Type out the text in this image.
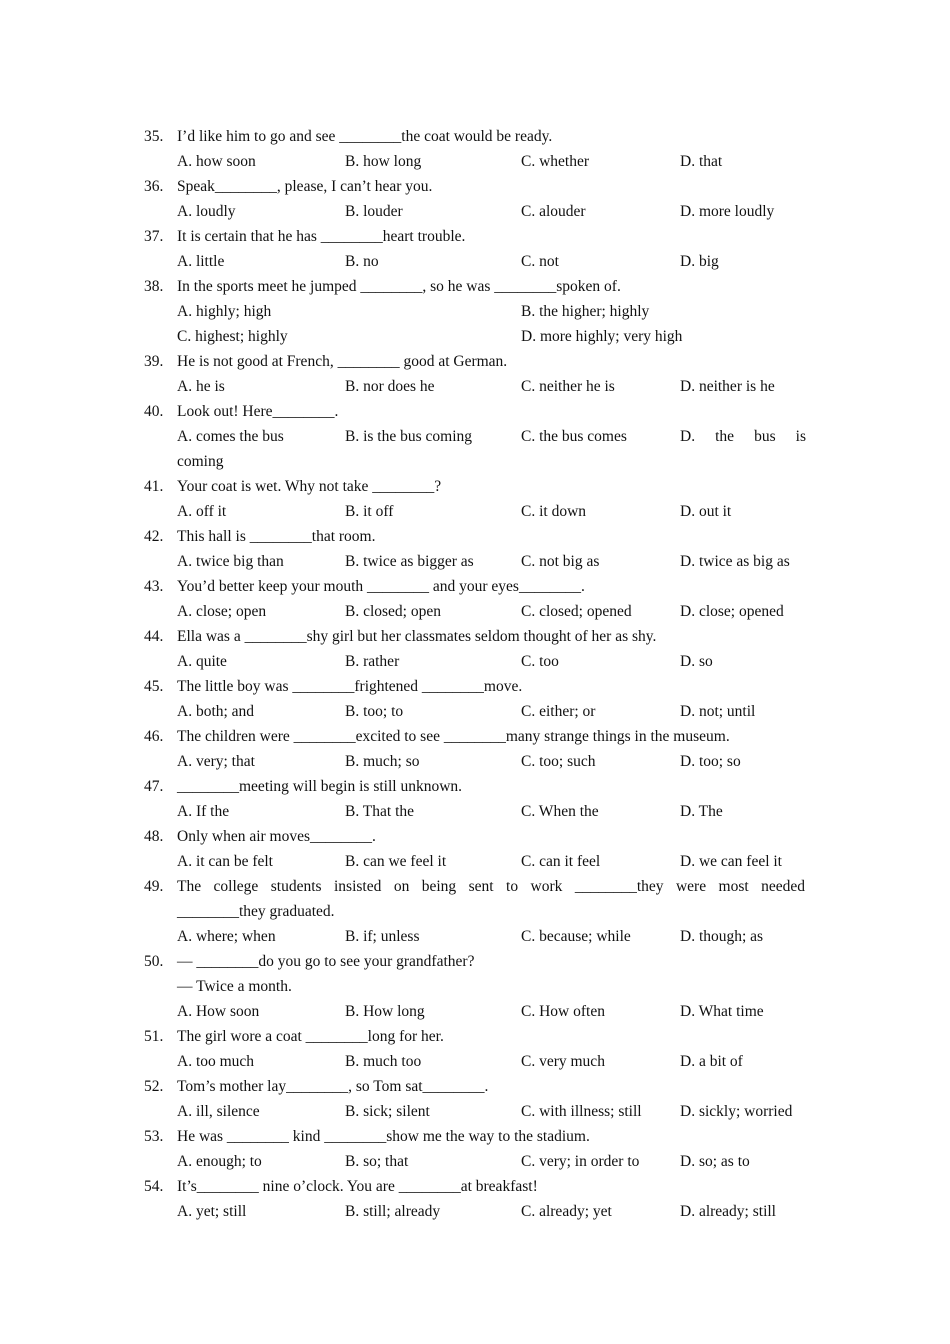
35. I’d like him to go and see ________the coat would be ready.
A. how soon	B. how long	C. whether	D. that
36. Speak________, please, I can’t hear you.
A. loudly	B. louder	C. alouder	D. more loudly
37. It is certain that he has ________heart trouble.
A. little	B. no	C. not	D. big
38. In the sports meet he jumped ________, so he was ________spoken of.
A. highly; high	B. the higher; highly
C. highest; highly	D. more highly; very high
39. He is not good at French, ________ good at German.
A. he is	B. nor does he	C. neither he is	D. neither is he
40. Look out! Here________.
A. comes the bus	B. is the bus coming	C. the bus comes	D. the bus is
coming
41. Your coat is wet. Why not take ________?
A. off it	B. it off	C. it down	D. out it
42. This hall is ________that room.
A. twice big than	B. twice as bigger as	C. not big as	D. twice as big as
43. You’d better keep your mouth ________ and your eyes________.
A. close; open	B. closed; open	C. closed; opened	D. close; opened
44. Ella was a ________shy girl but her classmates seldom thought of her as shy.
A. quite	B. rather	C. too	D. so
45. The little boy was ________frightened ________move.
A. both; and	B. too; to	C. either; or	D. not; until
46. The children were ________excited to see ________many strange things in the museum.
A. very; that	B. much; so	C. too; such	D. too; so
47. ________meeting will begin is still unknown.
A. If the	B. That the	C. When the	D. The
48. Only when air moves________.
A. it can be felt	B. can we feel it	C. can it feel	D. we can feel it
49. The college students insisted on being sent to work ________they were most needed
________they graduated.
A. where; when	B. if; unless	C. because; while	D. though; as
50. — ________do you go to see your grandfather?
— Twice a month.
A. How soon	B. How long	C. How often	D. What time
51. The girl wore a coat ________long for her.
A. too much	B. much too	C. very much	D. a bit of
52. Tom’s mother lay________, so Tom sat________.
A. ill, silence	B. sick; silent	C. with illness; still D. sickly; worried
53. He was ________ kind ________show me the way to the stadium.
A. enough; to	B. so; that	C. very; in order to	D. so; as to
54. It’s________ nine o’clock. You are ________at breakfast!
A. yet; still	B. still; already	C. already; yet	D. already; still
